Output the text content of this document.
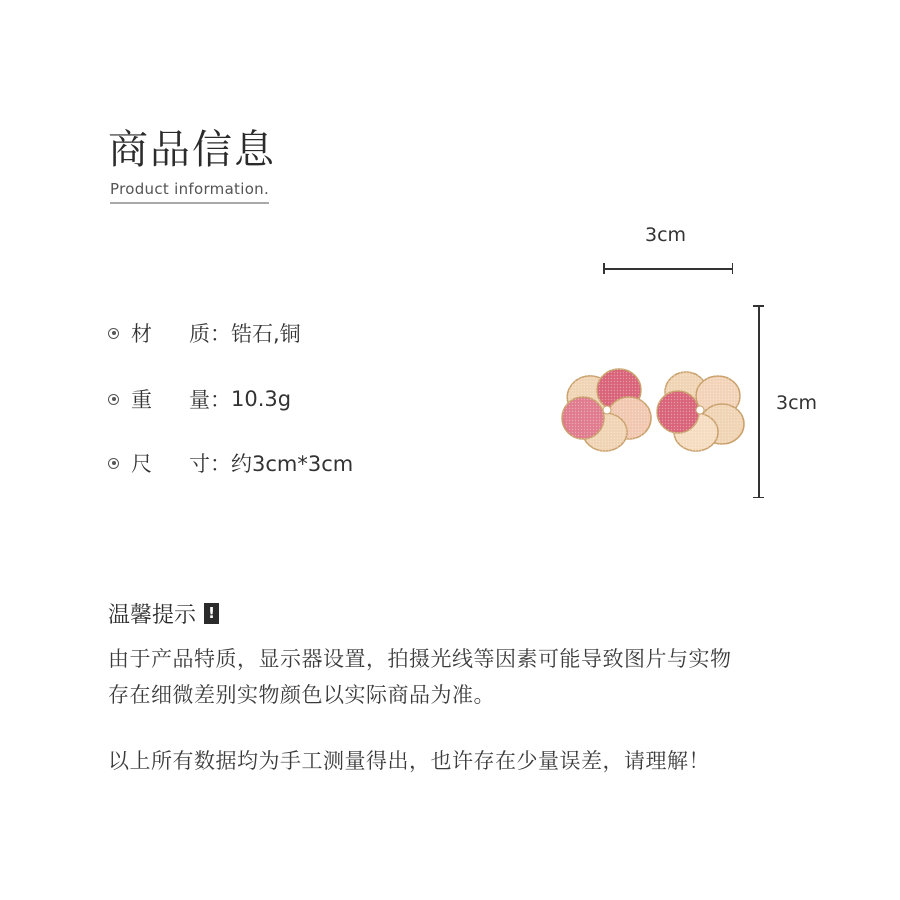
商品信息
Product information.
材	质： 锆石,铜
重	量： 10.3g
尺	寸： 约3cm*3cm
3cm
3cm
温馨提示 !
由于产品特质，显示器设置，拍摄光线等因素可能导致图片与实物
存在细微差别实物颜色以实际商品为准。
以上所有数据均为手工测量得出，也许存在少量误差，请理解！
